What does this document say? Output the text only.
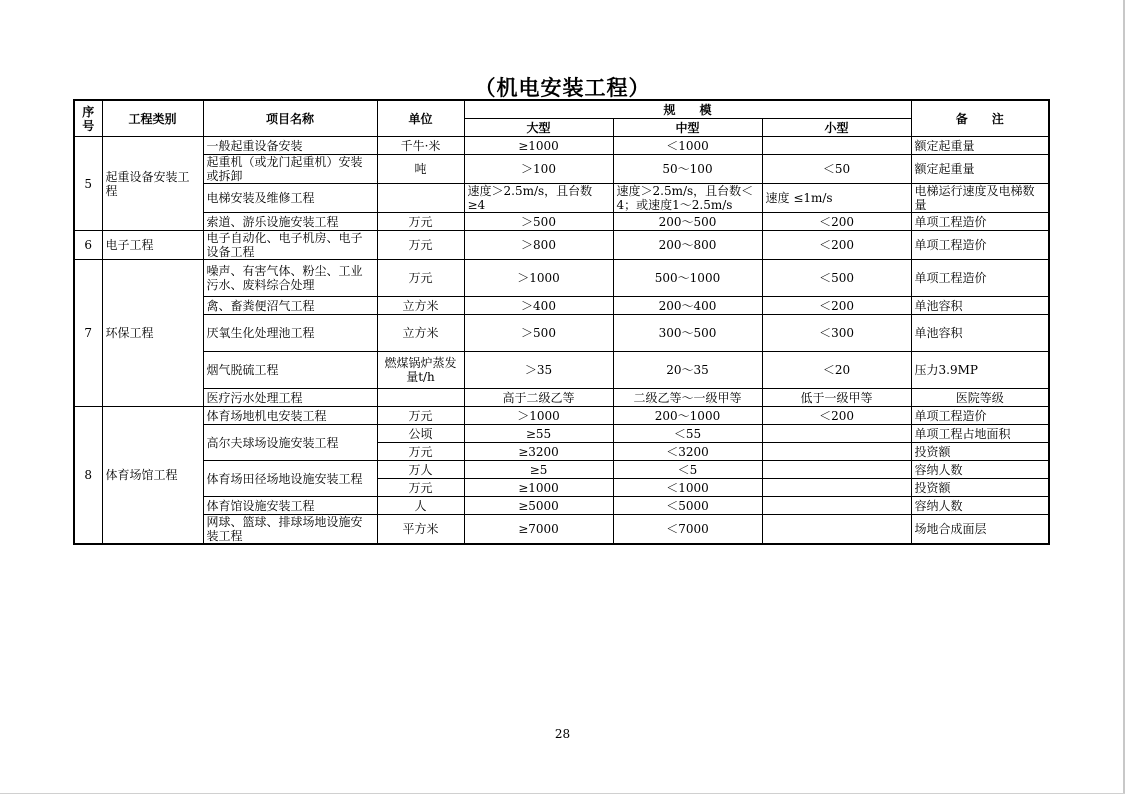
（机电安装工程）
序号	工程类别	项目名称	单位	规　　模			备　　注
				大型	中型	小型	
5	起重设备安装工程	一般起重设备安装	千牛·米	≥1000	＜1000		额定起重量
		起重机（或龙门起重机）安装或拆卸	吨	＞100	50～100	＜50	额定起重量
		电梯安装及维修工程		速度＞2.5m/s，且台数≥4	速度＞2.5m/s，且台数＜4；或速度1～2.5m/s	速度 ≤1m/s	电梯运行速度及电梯数量
		索道、游乐设施安装工程	万元	＞500	200～500	＜200	单项工程造价
6	电子工程	电子自动化、电子机房、电子设备工程	万元	＞800	200～800	＜200	单项工程造价
7	环保工程	噪声、有害气体、粉尘、工业污水、废料综合处理	万元	＞1000	500～1000	＜500	单项工程造价
		禽、畜粪便沼气工程	立方米	＞400	200～400	＜200	单池容积
		厌氧生化处理池工程	立方米	＞500	300～500	＜300	单池容积
		烟气脱硫工程	燃煤锅炉蒸发量t/h	＞35	20～35	＜20	压力3.9MP
		医疗污水处理工程		高于二级乙等	二级乙等～一级甲等	低于一级甲等	医院等级
8	体育场馆工程	体育场地机电安装工程	万元	＞1000	200～1000	＜200	单项工程造价
		高尔夫球场设施安装工程	公顷	≥55	＜55		单项工程占地面积
			万元	≥3200	＜3200		投资额
		体育场田径场地设施安装工程	万人	≥5	＜5		容纳人数
			万元	≥1000	＜1000		投资额
		体育馆设施安装工程	人	≥5000	＜5000		容纳人数
		网球、篮球、排球场地设施安装工程	平方米	≥7000	＜7000		场地合成面层
28
